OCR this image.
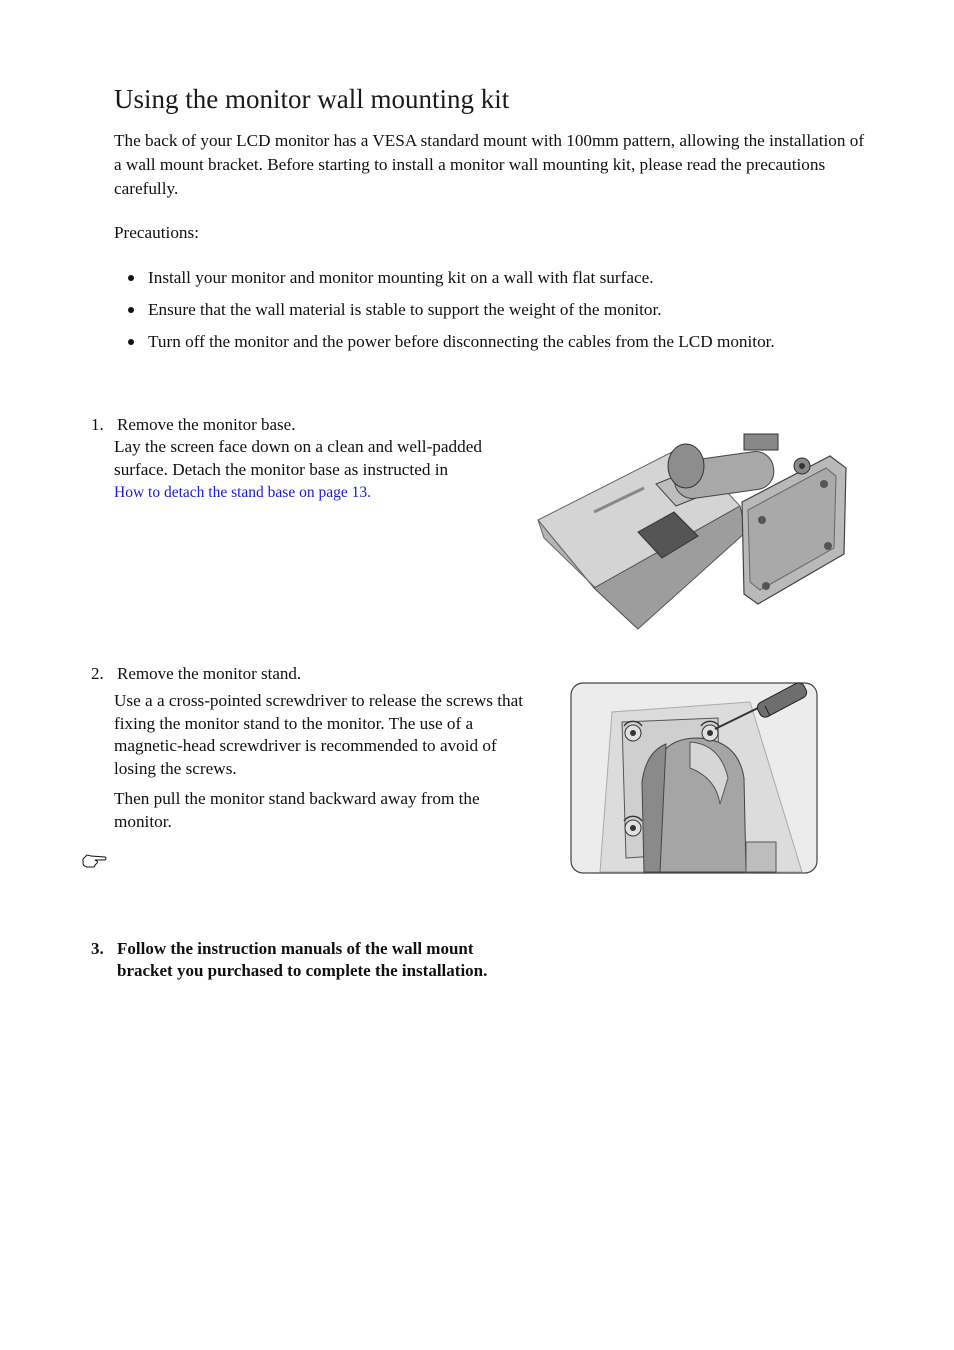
Using the monitor wall mounting kit

The back of your LCD monitor has a VESA standard mount with 100mm pattern, allowing the installation of a wall mount bracket. Before starting to install a monitor wall mounting kit, please read the precautions carefully.

Precautions:

Install your monitor and monitor mounting kit on a wall with flat surface.
Ensure that the wall material is stable to support the weight of the monitor.
Turn off the monitor and the power before disconnecting the cables from the LCD monitor.
1. Remove the monitor base.

Lay the screen face down on a clean and well-padded surface. Detach the monitor base as instructed in
How to detach the stand base on page 13.

2. Remove the monitor stand.

Use a a cross-pointed screwdriver to release the screws that fixing the monitor stand to the monitor. The use of a magnetic-head screwdriver is recommended to avoid of losing the screws.

Then pull the monitor stand backward away from the monitor.

3. Follow the instruction manuals of the wall mount bracket you purchased to complete the installation.
